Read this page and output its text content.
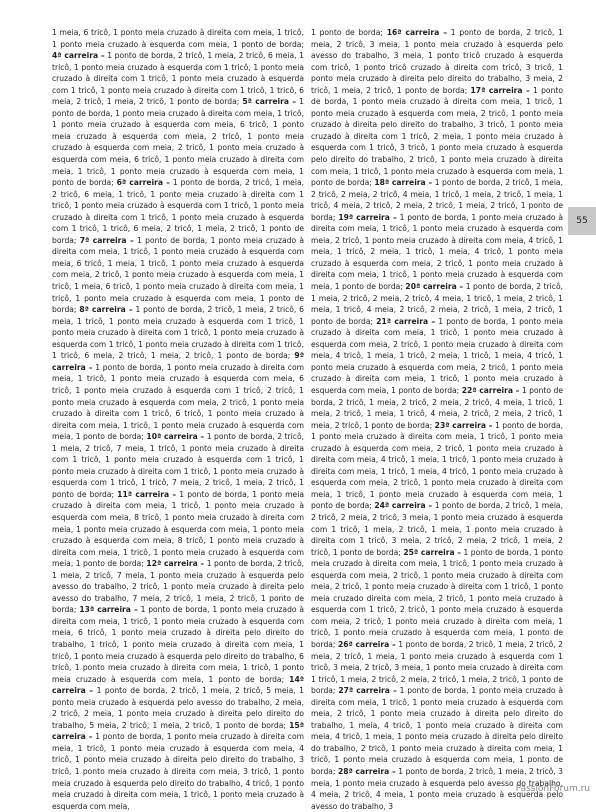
1 meia, 6 tricô, 1 ponto meia cruzado à direita com meia, 1 tricô, 1 ponto meia cruzado à esquerda com meia, 1 ponto de borda; 4ª carreira – 1 ponto de borda, 2 tricô, 1 meia, 2 tricô, 6 meia, 1 tricô, 1 ponto meia cruzado à esquerda com 1 tricô, 1 ponto meia cruzado à direita com 1 tricô, 1 ponto meia cruzado à esquerda com 1 tricô, 1 ponto meia cruzado à direita com 1 tricô, 1 tricô, 6 meia, 2 tricô, 1 meia, 2 tricô, 1 ponto de borda; 5ª carreira – 1 ponto de borda, 1 ponto meia cruzado à direita com meia, 1 tricô, 1 ponto meia cruzado à esquerda com meia, 6 tricô, 1 ponto meia cruzado à esquerda com meia, 2 tricô, 1 ponto meia cruzado à esquerda com meia, 2 tricô, 1 ponto meia cruzado à esquerda com meia, 6 tricô, 1 ponto meia cruzado à direita com meia, 1 tricô, 1 ponto meia cruzado à esquerda com meia, 1 ponto de borda; 6ª carreira – 1 ponto de borda, 2 tricô, 1 meia, 2 tricô, 6 meia, 1 tricô, 1 ponto meia cruzado à direita com 1 tricô, 1 ponto meia cruzado à esquerda com 1 tricô, 1 ponto meia cruzado à direita com 1 tricô, 1 ponto meia cruzado à esquerda com 1 tricô, 1 tricô, 6 meia, 2 tricô, 1 meia, 2 tricô, 1 ponto de borda; 7ª carreira – 1 ponto de borda, 1 ponto meia cruzado à direita com meia, 1 tricô, 1 ponto meia cruzado à esquerda com meia, 6 tricô, 1 meia, 1 tricô, 1 ponto meia cruzado à esquerda com meia, 2 tricô, 1 ponto meia cruzado à esquerda com meia, 1 tricô, 1 meia, 6 tricô, 1 ponto meia cruzado à direita com meia, 1 tricô, 1 ponto meia cruzado à esquerda com meia, 1 ponto de borda; 8ª carreira – 1 ponto de borda, 2 tricô, 1 meia, 2 tricô, 6 meia, 1 tricô, 1 ponto meia cruzado à esquerda com 1 tricô, 1 ponto meia cruzado à direita com 1 tricô, 1 ponto meia cruzado à esquerda com 1 tricô, 1 ponto meia cruzado à direita com 1 tricô, 1 tricô, 6 meia, 2 tricô, 1 meia, 2 tricô, 1 ponto de borda; 9ª carreira – 1 ponto de borda, 1 ponto meia cruzado à direita com meia, 1 tricô, 1 ponto meia cruzado à esquerda com meia, 6 tricô, 1 ponto meia cruzado à esquerda com 1 tricô, 2 tricô, 1 ponto meia cruzado à esquerda com meia, 2 tricô, 1 ponto meia cruzado à direita com 1 tricô, 6 tricô, 1 ponto meia cruzado à direita com meia, 1 tricô, 1 ponto meia cruzado à esquerda com meia, 1 ponto de borda; 10ª carreira – 1 ponto de borda, 2 tricô, 1 meia, 2 tricô, 7 meia, 1 tricô, 1 ponto meia cruzado à direita com 1 tricô, 1 ponto meia cruzado à esquerda com 1 tricô, 1 ponto meia cruzado à direita com 1 tricô, 1 ponto meia cruzado à esquerda com 1 tricô, 1 tricô, 7 meia, 2 tricô, 1 meia, 2 tricô, 1 ponto de borda; 11ª carreira – 1 ponto de borda, 1 ponto meia cruzado à direita com meia, 1 tricô, 1 ponto meia cruzado à esquerda com meia, 8 tricô, 1 ponto meia cruzado à direita com meia, 1 ponto meia cruzado à esquerda com meia, 1 ponto meia cruzado à esquerda com meia, 8 tricô, 1 ponto meia cruzado à direita com meia, 1 tricô, 1 ponto meia cruzado à esquerda com meia, 1 ponto de borda; 12ª carreira – 1 ponto de borda, 2 tricô, 1 meia, 2 tricô, 7 meia, 1 ponto meia cruzado à esquerda pelo avesso do trabalho, 2 tricô, 1 ponto meia cruzado à direita pelo avesso do trabalho, 7 meia, 2 tricô, 1 meia, 2 tricô, 1 ponto de borda; 13ª carreira – 1 ponto de borda, 1 ponto meia cruzado à direita com meia, 1 tricô, 1 ponto meia cruzado à esquerda com meia, 6 tricô, 1 ponto meia cruzado à direita pelo direito do trabalho, 1 tricô, 1 ponto meia cruzado à direita com meia, 1 tricô, 1 ponto meia cruzado à esquerda pelo direito do trabalho, 6 tricô, 1 ponto meia cruzado à direita com meia, 1 tricô, 1 ponto meia cruzado à esquerda com meia, 1 ponto de borda; 14ª carreira – 1 ponto de borda, 2 tricô, 1 meia, 2 tricô, 5 meia, 1 ponto meia cruzado à esquerda pelo avesso do trabalho, 2 meia, 2 tricô, 2 meia, 1 ponto meia cruzado à direita pelo direito do trabalho, 5 meia, 2 tricô, 1 meia, 2 tricô, 1 ponto de borda; 15ª carreira – 1 ponto de borda, 1 ponto meia cruzado à direita com meia, 1 tricô, 1 ponto meia cruzado à esquerda com meia, 4 tricô, 1 ponto meia cruzado à direita pelo direito do trabalho, 3 tricô, 1 ponto meia cruzado à direita com meia, 3 tricô, 1 ponto meia cruzado à esquerda pelo direito do trabalho, 4 tricô, 1 ponto meia cruzado à direita com meia, 1 tricô, 1 ponto meia cruzado à esquerda com meia,
1 ponto de borda; 16ª carreira – 1 ponto de borda, 2 tricô, 1 meia, 2 tricô, 3 meia, 1 ponto meia cruzado à esquerda pelo avesso do trabalho, 3 meia, 1 ponto tricô cruzado à esquerda com tricô, 1 ponto tricô cruzado à direita com tricô, 3 tricô, 1 ponto meia cruzado à direita pelo direito do trabalho, 3 meia, 2 tricô, 1 meia, 2 tricô, 1 ponto de borda; 17ª carreira – 1 ponto de borda, 1 ponto meia cruzado à direita com meia, 1 tricô, 1 ponto meia cruzado à esquerda com meia, 2 tricô, 1 ponto meia cruzado à direita pelo direito do trabalho, 3 tricô, 1 ponto meia cruzado à direita com 1 tricô, 2 meia, 1 ponto meia cruzado à esquerda com 1 tricô, 3 tricô, 1 ponto meia cruzado à esquerda pelo direito do trabalho, 2 tricô, 1 ponto meia cruzado à direita com meia, 1 tricô, 1 ponto meia cruzado à esquerda com meia, 1 ponto de borda; 18ª carreira – 1 ponto de borda, 2 tricô, 1 meia, 2 tricô, 2 meia, 2 tricô, 4 meia, 1 tricô, 1 meia, 2 tricô, 1 meia, 1 tricô, 4 meia, 2 tricô, 2 meia, 2 tricô, 1 meia, 2 tricô, 1 ponto de borda; 19ª carreira – 1 ponto de borda, 1 ponto meia cruzado à direita com meia, 1 tricô, 1 ponto meia cruzado à esquerda com meia, 2 tricô, 1 ponto meia cruzado à direita com meia, 4 tricô, 1 meia, 1 tricô, 2 meia, 1 tricô, 1 meia, 4 tricô, 1 ponto meia cruzado à esquerda com meia, 2 tricô, 1 ponto meia cruzado à direita com meia, 1 tricô, 1 ponto meia cruzado à esquerda com meia, 1 ponto de borda; 20ª carreira – 1 ponto de borda, 2 tricô, 1 meia, 2 tricô, 2 meia, 2 tricô, 4 meia, 1 tricô, 1 meia, 2 tricô, 1 meia, 1 tricô, 4 meia, 2 tricô, 2 meia, 2 tricô, 1 meia, 2 tricô, 1 ponto de borda; 21ª carreira – 1 ponto de borda, 1 ponto meia cruzado à direita com meia, 1 tricô, 1 ponto meia cruzado à esquerda com meia, 2 tricô, 1 ponto meia cruzado à direita com meia, 4 tricô, 1 meia, 1 tricô, 2 meia, 1 tricô, 1 meia, 4 tricô, 1 ponto meia cruzado à esquerda com meia, 2 tricô, 1 ponto meia cruzado à direita com meia, 1 tricô, 1 ponto meia cruzado à esquerda com meia, 1 ponto de borda; 22ª carreira – 1 ponto de borda, 2 tricô, 1 meia, 2 tricô, 2 meia, 2 tricô, 4 meia, 1 tricô, 1 meia, 2 tricô, 1 meia, 1 tricô, 4 meia, 2 tricô, 2 meia, 2 tricô, 1 meia, 2 tricô, 1 ponto de borda; 23ª carreira – 1 ponto de borda, 1 ponto meia cruzado à direita com meia, 1 tricô, 1 ponto meia cruzado à esquerda com meia, 2 tricô, 1 ponto meia cruzado à direita com meia, 4 tricô, 1 meia, 1 tricô, 1 ponto meia cruzado à direita com meia, 1 tricô, 1 meia, 4 tricô, 1 ponto meia cruzado à esquerda com meia, 2 tricô, 1 ponto meia cruzado à direita com meia, 1 tricô, 1 ponto meia cruzado à esquerda com meia, 1 ponto de borda; 24ª carreira – 1 ponto de borda, 2 tricô, 1 meia, 2 tricô, 2 meia, 2 tricô, 3 meia, 1 ponto meia cruzado à esquerda com 1 tricô, 1 meia, 2 tricô, 1 meia, 1 ponto meia cruzado à direita com 1 tricô, 3 meia, 2 tricô, 2 meia, 2 tricô, 1 meia, 2 tricô, 1 ponto de borda; 25ª carreira – 1 ponto de borda, 1 ponto meia cruzado à direita com meia, 1 tricô, 1 ponto meia cruzado à esquerda com meia, 2 tricô, 1 ponto meia cruzado à direita com meia, 2 tricô, 1 ponto meia cruzado à direita com 1 tricô, 1 ponto meia cruzado direita com meia, 2 tricô, 1 ponto meia cruzado à esquerda com 1 tricô, 2 tricô, 1 ponto meia cruzado à esquerda com meia, 2 tricô, 1 ponto meia cruzado à direita com meia, 1 tricô, 1 ponto meia cruzado à esquerda com meia, 1 ponto de borda; 26ª carreira – 1 ponto de borda, 2 tricô, 1 meia, 2 tricô, 2 meia, 2 tricô, 1 meia, 1 ponto meia cruzado à esquerda com 1 tricô, 3 meia, 2 tricô, 3 meia, 1 ponto meia cruzado à direita com 1 tricô, 1 meia, 2 tricô, 2 meia, 2 tricô, 1 meia, 2 tricô, 1 ponto de borda; 27ª carreira – 1 ponto de borda, 1 ponto meia cruzado à direita com meia, 1 tricô, 1 ponto meia cruzado à esquerda com meia, 2 tricô, 1 ponto meia cruzado à direita pelo direito do trabalho, 1 meia, 4 tricô, 1 ponto meia cruzado à direita com meia, 4 tricô, 1 meia, 1 ponto meia cruzado à direita pelo direito do trabalho, 2 tricô, 1 ponto meia cruzado à direita com meia, 1 tricô, 1 ponto meia cruzado à esquerda com meia, 1 ponto de borda; 28ª carreira – 1 ponto de borda, 2 tricô, 1 meia, 2 tricô, 3 meia, 1 ponto meia cruzado à esquerda pelo avesso do trabalho, 4 meia, 2 tricô, 4 meia, 1 ponto meia cruzado à esquerda pelo avesso do trabalho, 3
55
PassionForum.ru
